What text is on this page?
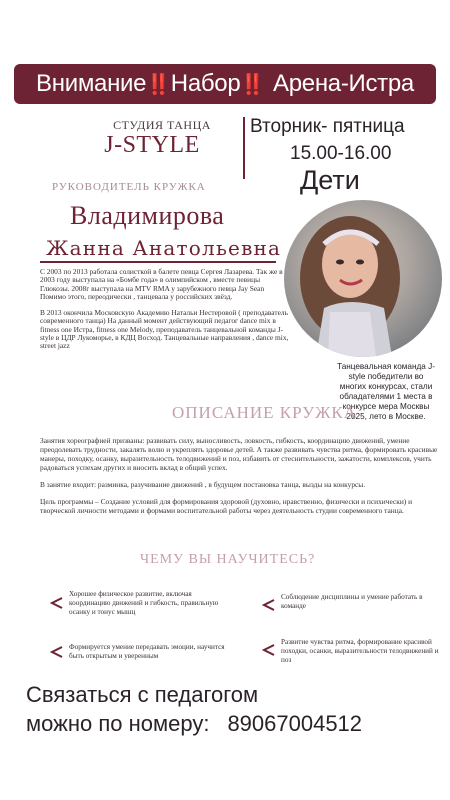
Внимание ‼️ Набор ‼️ Арена-Истра
СТУДИЯ ТАНЦА
J-STYLE
Вторник- пятница
15.00-16.00
Дети
РУКОВОДИТЕЛЬ КРУЖКА
Владимирова
Жанна Анатольевна

С 2003 по 2013 работала солисткой в балете певца Сергея Лазарева. Так же в 2003 году выступала на «Бомбе года» в олимпийском , вместе певицы Глюкозы. 2008г выступала на MTV RMA у зарубежного певца Jay Sean Помимо этого, переодически , танцевала у российских звёзд.

В 2013 окончила Московскую Академию Натальи Нестеровой ( преподаватель современного танца) На данный момент действующий педагог dance mix в fitness one Истра, fitness one Melody, преподаватель танцевальной команды J-style в ЦДР Лукоморье, в КДЦ Восход. Танцевальные направления , dance mix, street jazz

Танцевальная команда J-style победители во многих конкурсах, стали обладателями 1 места в конкурсе мера Москвы 2025, лето в Москве.
ОПИСАНИЕ КРУЖКА

Занятия хореографией призваны: развивать силу, выносливость, ловкость, гибкость, координацию движений, умение преодолевать трудности, закалять волю и укреплять здоровье детей. А также развивать чувства ритма, формировать красивые манеры, походку, осанку, выразительность телодвижений и поз, избавить от стеснительности, зажатости, комплексов, учить радоваться успехам других и вносить вклад в общий успех.

В занятие входит: разминка, разучивание движений , в будущем постановка танца, вызды на конкурсы.

Цель программы – Создание условий для формирования здоровой (духовно, нравственно, физически и психически) и творческой личности методами и формами воспитательной работы через деятельность студии современного танца.

ЧЕМУ ВЫ НАУЧИТЕСЬ?
Хорошее физическое развитие, включая координацию движений и гибкость, правильную осанку и тонус мышц
Соблюдение дисциплины и умение работать в команде
Формируется умение передавать эмоции, научится быть открытым и уверенным
Развитие чувства ритма, формирование красивой походки, осанки, выразительности телодвижений и поз
Связаться с педагогом
можно по номеру: 89067004512
